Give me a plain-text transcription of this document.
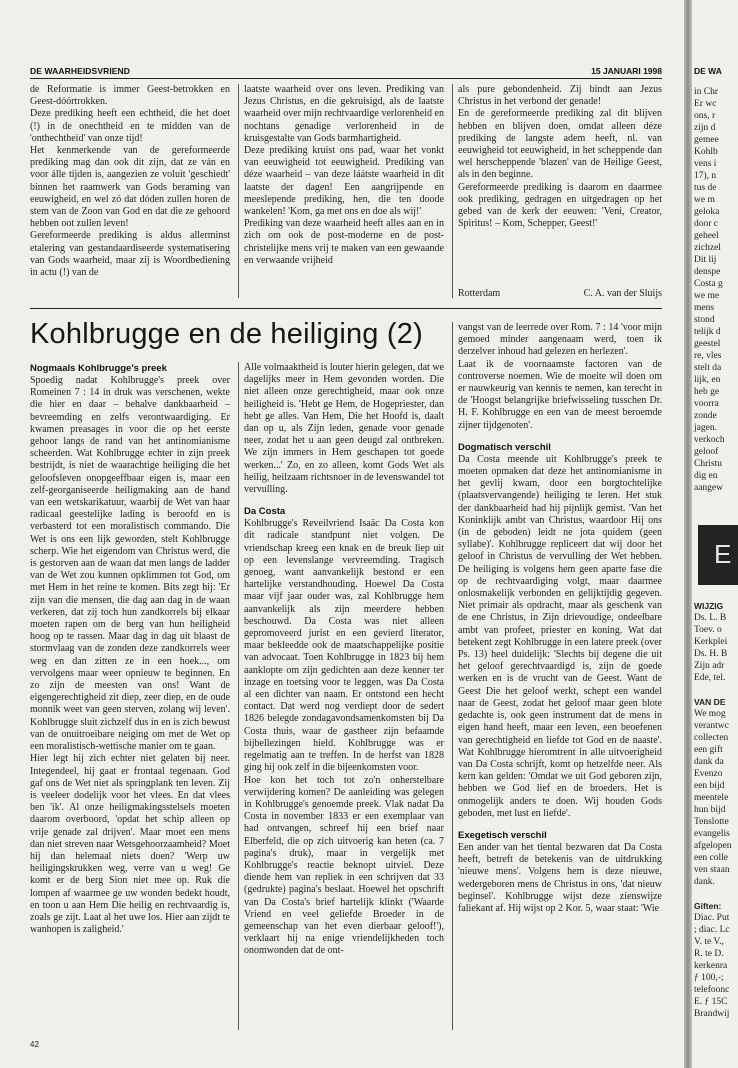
DE WAARHEIDSVRIEND	15 JANUARI 1998

de Reformatie is immer Geest-betrokken en Geest-dóórtrokken.

Deze prediking heeft een echtheid, die het doet (!) in de onechtheid en te midden van de 'onthechtheid' van onze tijd!

Het kenmerkende van de gereformeerde prediking mag dan ook dit zijn, dat ze ván en voor álle tijden is, aangezien ze voluit 'geschiedt' binnen het raamwerk van Gods beraming van eeuwigheid, en wel zó dat dóden zullen horen de stem van de Zoon van God en dat die ze gehoord hebben oot zullen leven!

Gereformeerde prediking is aldus allerminst etalering van gestandaardiseerde systematisering van Gods waarheid, maar zij is Woordbediening in actu (!) van de

laatste waarheid over ons leven. Prediking van Jezus Christus, en die gekruisigd, als de laatste waarheid over mijn rechtvaardige verlorenheid en nochtans genadige verlorenheid in de kruisgestalte van Gods barmhartigheid.

Deze prediking kruist ons pad, waar het vonkt van eeuwigheid tot eeuwigheid. Prediking van déze waarheid – van deze láátste waarheid in dit laatste der dagen! Een aangrijpende en meeslepende prediking, hen, die ten doode wankelen! 'Kom, ga met ons en doe als wij!'

Prediking van deze waarheid heeft alles aan en in zich om ook de post-moderne en de post-christelijke mens vrij te maken van een gewaande en verwaande vrijheid

als pure gebondenheid. Zij bindt aan Jezus Christus in het verbond der genade!

En de gereformeerde prediking zal dit blijven hebben en blijven doen, omdat alleen déze prediking de langste adem heeft, nl. van eeuwigheid tot eeuwigheid, in het scheppende dan wel herscheppende 'blazen' van de Heilige Geest, als in den beginne.

Gereformeerde prediking is daarom en daarmee ook prediking, gedragen en uitgedragen op het gebed van de kerk der eeuwen: 'Veni, Creator, Spiritus! – Kom, Schepper, Geest!'

Rotterdam	C. A. van der Sluijs
Kohlbrugge en de heiliging (2)
Nogmaals Kohlbrugge's preek

Spoedig nadat Kohlbrugge's preek over Romeinen 7 : 14 in druk was verschenen, wekte die hier en daar – behalve dankbaarheid – bevreemding en zelfs verontwaardiging. Er kwamen preasages in voor die op het eerste gehoor langs de rand van het antinomianisme scheerden. Wat Kohlbrugge echter in zijn preek bestrijdt, is niet de waarachtige heiliging die het geloofsleven onopgeeffbaar eigen is, maar een zelf-georganiseerde heiligmaking aan de hand van een wetskarikatuur, waarbij de Wet van haar radicaal geestelijke lading is beroofd en is verbasterd tot een moralistisch commando. Die Wet is ons een lijk geworden, stelt Kohlbrugge scherp. Wie het eigendom van Christus werd, die is gestorven aan de waan dat men langs de ladder van de Wet zou kunnen opklimmen tot God, om met Hem in het reine te komen. Bits zegt hij: 'Er zijn van die mensen, die dag aan dag in de waan verkeren, dat zij toch hun zandkorrels bij elkaar moeten rapen om de berg van hun heiligheid hoog op te rassen. Maar dag in dag uit blaast de stormvlaag van de zonden deze zandkorrels weer weg en dan zitten ze in een hoek..., om vervolgens maar weer opnieuw te beginnen. En zo zijn de meesten van ons! Want de eigengerechtigheid zit diep, zeer diep, en de oude monnik weet van geen sterven, zolang wij leven'. Kohlbrugge sluit zichzelf dus in en is zich bewust van de onuitroeibare neiging om met de Wet op een moralistisch-wettische manier om te gaan.

Hier legt hij zich echter niet gelaten bij neer. Integendeel, hij gaat er frontaal tegenaan. God gaf ons de Wet niet als springplank ten leven. Zij is veeleer dodelijk voor het vlees. En dat vlees ben 'ik'. Al onze heiligmakingsstelsels moeten daarom overboord, 'opdat het schip alleen op vrije genade zal drijven'. Maar moet een mens dan niet streven naar Wetsgehoorzaamheid? Moet hij dan helemaal niets doen? 'Werp uw heiligingskrukken weg, verre van u weg! Ge komt er de berg Sion niet mee op. Ruk die lompen af waarmee ge uw wonden bedekt houdt, en toon u aan Hem Die heilig en rechtvaardig is, zoals ge zijt. Laat al het uwe los. Hier aan zijdt te wanhopen is zaligheid.'

Alle volmaaktheid is louter hierin gelegen, dat we dagelijks meer in Hem gevonden worden. Die niet alleen onze gerechtigheid, maar ook onze heiligheid is. 'Hebt ge Hem, de Hogepriester, dan hebt ge alles. Van Hem, Die het Hoofd is, daalt dan op u, als Zijn leden, genade voor genade neer, zodat het u aan geen deugd zal ontbreken. We zijn immers in Hem geschapen tot goede werken...' Zo, en zo alleen, komt Gods Wet als heilig, heilzaam richtsnoer in de levenswandel tot vervulling.

Da Costa

Kohlbrugge's Reveilvriend Isaäc Da Costa kon dit radicale standpunt niet volgen. De vriendschap kreeg een knak en de breuk liep uit op een levenslange vervreemding. Tragisch genoeg, want aanvankelijk bestond er een hartelijke verstandhouding. Hoewel Da Costa maar vijf jaar ouder was, zal Kohlbrugge hem aanvankelijk als zijn meerdere hebben beschouwd. Da Costa was niet alleen gepromoveerd jurist en een gevierd literator, maar bekleedde ook de maatschappelijke positie van advocaat. Toen Kohlbrugge in 1823 bij hem aanklopte om zijn gedichten aan deze kenner ter inzage en toetsing voor te leggen, was Da Costa al een dichter van naam. Er ontstond een hecht contact. Dat werd nog verdiept door de sedert 1826 belegde zondagavondsamenkomsten bij Da Costa thuis, waar de gastheer zijn befaamde bijbellezingen hield. Kohlbrugge was er regelmatig aan te treffen. In de herfst van 1828 ging hij ook zelf in die bijeenkomsten voor.

Hoe kon het toch tot zo'n onherstelbare verwijdering komen? De aanleiding was gelegen in Kohlbrugge's genoemde preek. Vlak nadat Da Costa in november 1833 er een exemplaar van had ontvangen, schreef hij een brief naar Elberfeld, die op zich uitvoerig kan heten (ca. 7 pagina's druk), maar in vergelijk met Kohlbrugge's reactie beknopt uitviel. Deze diende hem van repliek in een schrijven dat 33 (gedrukte) pagina's beslaat. Hoewel het opschrift van Da Costa's brief hartelijk klinkt ('Waarde Vriend en veel geliefde Broeder in de gemeenschap van het even dierbaar geloof!'), verklaart hij na enige vriendelijkheden toch onomwonden dat de ont-

vangst van de leerrede over Rom. 7 : 14 'voor mijn gemoed minder aangenaam werd, toen ik derzelver inhoud had gelezen en herlezen'.

Laat ik de voornaamste factoren van de controverse noemen. Wie de moeite wil doen om er nauwkeurig van kennis te nemen, kan terecht in de 'Hoogst belangrijke briefwisseling tusschen Dr. H. F. Kohlbrugge en een van de meest beroemde zijner tijdgenoten'.

Dogmatisch verschil

Da Costa meende uit Kohlbrugge's preek te moeten opmaken dat deze het antinomianisme in het gevlij kwam, door een borgtochtelijke (plaatsvervangende) heiliging te leren. Het stuk der dankbaarheid had hij pijnlijk gemist. 'Van het Koninklijk ambt van Christus, waardoor Hij ons (in de geboden) leidt ne jota quidem (geen syllabe)'. Kohlbrugge repliceert dat wij door het geloof in Christus de vervulling der Wet hebben. De heiliging is volgens hem geen aparte fase die op de rechtvaardiging volgt, maar daarmee onlosmakelijk verbonden en gelijktijdig gegeven. Niet primair als opdracht, maar als geschenk van de ene Christus, in Zijn drievoudige, ondeelbare ambt van profeet, priester en koning. Wat dat betekent zegt Kohlbrugge in een latere preek (over Ps. 13) heel duidelijk: 'Slechts bij degene die uit het geloof gerechtvaardigd is, zijn de goede werken en is de vrucht van de Geest. Want de Geest Die het geloof werkt, schept een wandel naar de Geest, zodat het geloof maar geen blote gedachte is, ook geen instrument dat de mens in eigen hand heeft, maar een leven, een beoefenen van gerechtigheid en liefde tot God en de naaste'. Wat Kohlbrugge hieromtrent in alle uitvoerigheid van Da Costa schrijft, komt op hetzelfde neer. Als kern kan gelden: 'Omdat we uit God geboren zijn, hebben we God lief en de broeders. Het is onmogelijk anders te doen. Wij houden Gods geboden, met lust en liefde'.

Exegetisch verschil

Een ander van het tiental bezwaren dat Da Costa heeft, betreft de betekenis van de uitdrukking 'nieuwe mens'. Volgens hem is deze nieuwe, wedergeboren mens de Christus in ons, 'dat nieuw beginsel'. Kohlbrugge wijst deze zienswijze faliekant af. Hij wijst op 2 Kor. 5, waar staat: 'Wie

42
DE WA

in Chr

Er wc

ons, r

zijn d

gemee

Kohlb

vens i

17), n

tus de

we m

geloka

door c

geheel

zichzel

Dit lij

denspe

Costa g

we me

mens

stond

telijk d

geestel

re, vles

stelt da

lijk, en

heb ge

voorra

zonde

jagen.

verkoch

geloof

Christu

dig en

aangew

E

WIJZIG

Ds. L. B

Toev. o

Kerkplei

Ds. H. B

Zijn adr

Ede, tel.

VAN DE

We mog

verantwc

collecten

een gift

dank da

Evenzo

een bijd

meentele

hun bijd

Tenslotte

evangelis

afgelopen

een colle

ven staan

dank.

Giften:

Diac. Put

; diac. Lc

V. te V.,

R. te D.

kerkenra

ƒ 100,-;

telefoonc

E. ƒ 15C

Brandwij
